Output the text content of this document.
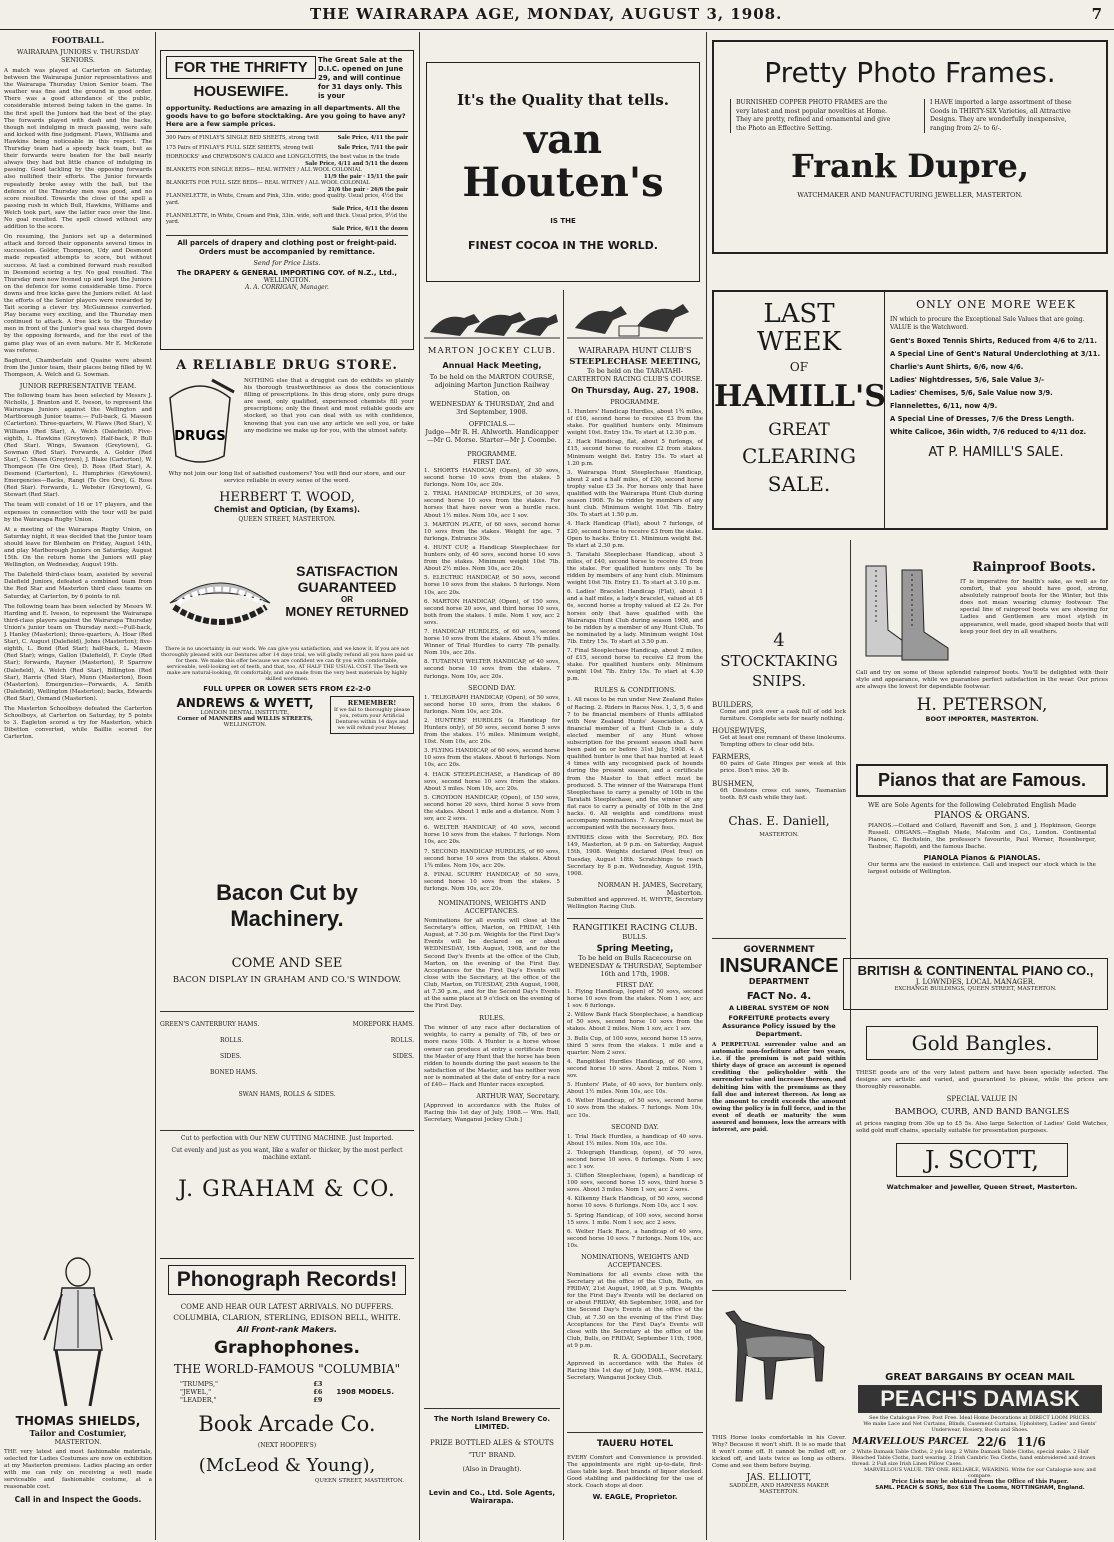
THE WAIRARAPA AGE, MONDAY, AUGUST 3, 1908.	7
FOOTBALL.
WAIRARAPA JUNIORS v. THURSDAY SENIORS.

A match was played at Carterton on Saturday, between the Wairarapa Junior representatives and the Wairarapa Thursday Union Senior team. The weather was fine and the ground in good order. There was a good attendance of the public, considerable interest being taken in the game. In the first spell the Juniors had the best of the play. The forwards played with dash and the backs, though not indulging in much passing, were safe and kicked with fine judgment. Flaws, Williams and Hawkins being noticeable in this respect. The Thursday team had a speedy back team, but as their forwards were beaten for the ball nearly always they had but little chance of indulging in passing. Good tackling by the opposing forwards also nullified their efforts. The Junior forwards repeatedly broke away with the ball, but the defence of the Thursday men was good, and no score resulted. Towards the close of the spell a passing rush in which Bull, Hawkins, Williams and Welch took part, saw the latter race over the line. No goal resulted. The spell closed without any addition to the score.

On resuming, the Juniors set up a determined attack and forced their opponents several times in succession. Golder, Thompson, Udy and Desmond made repeated attempts to score, but without success. At last a combined forward rush resulted in Desmond scoring a try. No goal resulted. The Thursday men now livened up and kept the Juniors on the defence for some considerable time. Force downs and free kicks gave the Juniors relief. At last the efforts of the Senior players were rewarded by Tait scoring a clever try. McGuinness converted. Play became very exciting, and the Thursday men continued to attack. A free kick to the Thursday men in front of the Junior's goal was charged down by the opposing forwards, and for the rest of the game play was of an even nature. Mr E. McKenzie was referee.

Baghurst, Chamberlain and Quaine were absent from the Junior team, their places being filled by W. Thompson, A. Welch and G. Sowman.

JUNIOR REPRESENTATIVE TEAM.

The following team has been selected by Messrs J. Nicholls, J. Branton and E. Iveson, to represent the Wairarapa Juniors against the Wellington and Martborough Junior teams:— Full-back, G. Masson (Carterton). Three-quarters, W. Flaws (Red Star), V. Williams (Red Star), A. Welch (Dalefield). Five-eighth, L. Hawkins (Greytown). Half-back, P. Bull (Red Star). Wings, Swanson (Greytown), G. Sowman (Red Star). Forwards, A. Golder (Red Star), C. Sheen (Greytown), J. Blake (Carterton), W. Thompson (Te Ore Ore), D. Ross (Red Star), A. Desmond (Carterton), L. Humphries (Greytown). Emergencies—Backs, Rangi (Te Ore Ore), G. Ross (Red Star). Forwards, L. Webster (Greytown), G. Stewart (Red Star).

The team will consist of 16 or 17 players, and the expenses in connection with the tour will be paid by the Wairarapa Rugby Union.

At a meeting of the Wairarapa Rugby Union, on Saturday night, it was decided that the Junior team should leave for Blenheim on Friday, August 14th, and play Marlborough Juniors on Saturday, August 15th. On the return home the Juniors will play Wellington, on Wednesday, August 19th.

The Dalefield third-class team, assisted by several Dalefield Juniors, defeated a combined team from the Red Star and Masterton third class teams on Saturday, at Carterton, by 6 points to nil.

The following team has been selected by Messrs W. Harding and E. Iveson, to represent the Wairarapa third-class players against the Wairarapa Thursday Union's junior team on Thursday next:—Full-back, J. Hanley (Masterton); three-quarters, A. Hoar (Red Star), C. August (Dalefield), Johns (Masterton); five-eighth, L. Bond (Red Star); half-back, L. Mason (Red Star); wings, Gallon (Dalefield), F. Coyle (Red Star); forwards, Rayner (Masterton), P. Sparrow (Dalefield), A. Welch (Red Star), Billington (Red Star), Harris (Red Star), Munn (Masterton), Boon (Masterton). Emergencies—Forwards, A. Smith (Dalefield), Wellington (Masterton); backs, Edwards (Red Star), Osmand (Masterton).

The Masterton Schoolboys defeated the Carterton Schoolboys, at Carterton on Saturday, by 5 points to 3. Eagleton scored a try for Masterton, which Dibetton converted, while Baillie scored for Carterton.

THOMAS SHIELDS,
Tailor and Costumier,
MASTERTON.

THE very latest and most fashionable materials, selected for Ladies Costumes are now on exhibition at my Masterton premises. Ladies placing an order with me can rely on receiving a well made serviceable and fashionable costume, at a reasonable cost.

Call in and Inspect the Goods.
FOR THE THRIFTY
HOUSEWIFE.
The Great Sale at the D.I.C. opened on June 29, and will continue for 31 days only. This is your
opportunity. Reductions are amazing in all departments. All the goods have to go before stocktaking. Are you going to have any? Here are a few sample prices.
300 Pairs of FINLAY'S SINGLE BED SHEETS, strong twill	Sale Price, 4/11 the pair
175 Pairs of FINLAY'S FULL SIZE SHEETS, strong twill	Sale Price, 7/11 the pair
HORROCKS' and CREWDSON'S CALICO and LONGCLOTHS, the best value in the trade

Sale Price, 4/11 and 5/11 the dozen
BLANKETS FOR SINGLE BEDS— REAL WITNEY / ALL WOOL COLONIAL

11/9 the pair · 15/11 the pair
BLANKETS FOR FULL SIZE BEDS— REAL WITNEY / ALL WOOL COLONIAL

21/6 the pair · 26/6 the pair
FLANNELETTE, in White, Cream and Pink, 33in. wide; good quality. Usual price, 4½d the yard.

Sale Price, 4/11 the dozen
FLANNELETTE, in White, Cream and Pink, 33in. wide, soft and thick. Usual price, 9½d the yard.

Sale Price, 6/11 the dozen
All parcels of drapery and clothing post or freight-paid. Orders must be accompanied by remittance.
Send for Price Lists.
The DRAPERY & GENERAL IMPORTING COY. of N.Z., Ltd.,
WELLINGTON.
A. A. CORRIGAN, Manager.
A RELIABLE DRUG STORE.
DRUGS
NOTHING else that a druggist can do exhibits so plainly his thorough trustworthiness as does the conscientious filling of prescriptions. In this drug store, only pure drugs are used, only qualified, experienced chemists fill your prescriptions; only the finest and most reliable goods are stocked, so that you can deal with us with confidence, knowing that you can use any article we sell you, or take any medicine we make up for you, with the utmost safety.
Why not join our long list of satisfied customers? You will find our store, and our service reliable in every sense of the word.
HERBERT T. WOOD,
Chemist and Optician, (by Exams).
QUEEN STREET, MASTERTON.
SATISFACTION
GUARANTEED
OR
MONEY RETURNED
There is no uncertainty in our work. We can give you satisfaction, and we know it. If you are not thoroughly pleased with our Dentures after 14 days trial, we will gladly refund all you have paid us for them. We make this offer because we are confident we can fit you with comfortable, serviceable, well-looking set of teeth, and that, too, AT HALF THE USUAL COST. The Teeth we make are natural-looking, fit comfortably, and are made from the very best materials by highly skilled workmen.
FULL UPPER OR LOWER SETS FROM £2-2-0
ANDREWS & WYETT,
LONDON DENTAL INSTITUTE,
Corner of MANNERS and WILLIS STREETS,
WELLINGTON.
REMEMBER!
If we fail to thoroughly please you, return your Artificial Dentures within 14 days and we will refund your Money.
Bacon Cut by Machinery.
COME AND SEE
BACON DISPLAY IN GRAHAM AND CO.'S WINDOW.
GREEN'S CANTERBURY HAMS.
ROLLS.
SIDES.
BONED HAMS.
MOREPORK HAMS.
ROLLS.
SIDES.
SWAN HAMS, ROLLS & SIDES.
Cut to perfection with Our NEW CUTTING MACHINE. Just Imported.
Cut evenly and just as you want, like a wafer or thicker, by the most perfect machine extant.
J. GRAHAM & CO.
Phonograph Records!
COME AND HEAR OUR LATEST ARRIVALS. NO DUFFERS.
COLUMBIA, CLARION, STERLING, EDISON BELL, WHITE.
All Front-rank Makers.
Graphophones.
THE WORLD-FAMOUS "COLUMBIA"
"TRUMPS,"	£3
"JEWEL,"	£6
"LEADER,"	£9
1908 MODELS.
Book Arcade Co.
(NEXT HOOPER'S)
(McLeod & Young),
QUEEN STREET, MASTERTON.
It's the Quality that tells.
van
Houten's
IS THE
FINEST COCOA IN THE WORLD.
MARTON JOCKEY CLUB.
Annual Hack Meeting,
To be held on the MARTON COURSE, adjoining Marton Junction Railway Station, on
WEDNESDAY & THURSDAY, 2nd and 3rd September, 1908.
OFFICIALS.—
Judge—Mr R. H. Ahlworth. Handicapper—Mr G. Morse. Starter—Mr J. Coombe.
PROGRAMME.
FIRST DAY.
1. SHORTS HANDICAP, (Open), of 30 sovs, second horse 10 sovs from the stakes. 5 furlongs. Nom 10s, acc 20s.
2. TRIAL HANDICAP HURDLES, of 30 sovs, second horse 10 sovs from the stakes. For horses that have never won a hurdle race. About 1½ miles. Nom 10s, acc 1 sov.
3. MARTON PLATE, of 60 sovs, second horse 10 sovs from the stakes. Weight for age. 7 furlongs. Entrance 30s.
4. HUNT CUP, a Handicap Steeplechase for hunters only, of 40 sovs, second horse 10 sovs from the stakes. Minimum weight 10st 7lb. About 2½ miles. Nom 10s, acc 20s.
5. ELECTRIC HANDICAP, of 50 sovs, second horse 10 sovs from the stakes. 5 furlongs. Nom 10s, acc 20s.
6. MARTON HANDICAP, (Open), of 150 sovs, second horse 20 sovs, and third horse 10 sovs, both from the stakes. 1 mile. Nom 1 sov, acc 2 sovs.
7. HANDICAP HURDLES, of 60 sovs, second horse 10 sovs from the stakes. About 1¾ miles. Winner of Trial Hurdles to carry 7lb penalty. Nom 10s, acc 20s.
8. TUTAENUI WELTER HANDICAP, of 40 sovs, second horse 10 sovs from the stakes. 7 furlongs. Nom 10s, acc 20s.
SECOND DAY.
1. TELEGRAPH HANDICAP, (Open), of 50 sovs, second horse 10 sovs, from the stakes. 6 furlongs. Nom 10s, acc 20s.
2. HUNTERS' HURDLES (a Handicap for Hunters only), of 50 sovs, second horse 5 sovs from the stakes. 1½ miles. Minimum weight, 10st. Nom 10s, acc 20s.
3. FLYING HANDICAP, of 60 sovs, second horse 10 sovs from the stakes. About 6 furlongs. Nom 10s, acc 20s.
4. HACK STEEPLECHASE, a Handicap of 80 sovs, second horse 10 sovs from the stakes. About 3 miles. Nom 10s, acc 20s.
5. CROYDON HANDICAP, (Open), of 150 sovs, second horse 20 sovs, third horse 5 sovs from the stakes. About 1 mile and a distance. Nom 1 sov, acc 2 sovs.
6. WELTER HANDICAP, of 40 sovs, second horse 10 sovs from the stakes. 7 furlongs. Nom 10s, acc 20s.
7. SECOND HANDICAP HURDLES, of 60 sovs, second horse 10 sovs from the stakes. About 1¾ miles. Nom 10s, acc 20s.
8. FINAL SCURRY HANDICAP, of 50 sovs, second horse 10 sovs from the stakes. 5 furlongs. Nom 10s, acc 20s.
NOMINATIONS, WEIGHTS AND ACCEPTANCES.

Nominations for all events will close at the Secretary's office, Marton, on FRIDAY, 14th August, at 7.30 p.m. Weights for the First Day's Events will be declared on or about WEDNESDAY, 19th August, 1908, and for the Second Day's Events at the office of the Club, Marton, on the evening of the First Day. Acceptances for the First Day's Events will close with the Secretary, at the office of the Club, Marton, on TUESDAY, 25th August, 1908, at 7.30 p.m., and for the Second Day's Events at the same place at 9 o'clock on the evening of the First Day.

RULES.

The winner of any race after declaration of weights, to carry a penalty of 7lb, of two or more races 10lb. A Hunter is a horse whose owner can produce at entry a certificate from the Master of any Hunt that the horse has been ridden to hounds during the past season to the satisfaction of the Master, and has neither won nor is nominated at the date of entry for a race of £40— Hack and Hunter races excepted.

ARTHUR WAY, Secretary.

[Approved in accordance with the Rules of Racing this 1st day of July, 1908.— Wm. Hall, Secretary, Wanganui Jockey Club.]

The North Island Brewery Co. LIMITED.
PRIZE BOTTLED ALES & STOUTS
"TUI" BRAND.
(Also in Draught).
Levin and Co., Ltd. Sole Agents, Wairarapa.
WAIRARAPA HUNT CLUB'S
STEEPLECHASE MEETING,
To be held on the TARATAHI-CARTERTON RACING CLUB'S COURSE.
On Thursday, Aug. 27, 1908.
PROGRAMME.
1. Hunters' Handicap Hurdles, about 1¾ miles, of £16, second horse to receive £3 from the stake. For qualified hunters only. Minimum weight 10st. Entry 15s. To start at 12.30 p.m.
2. Hack Handicap, flat, about 5 furlongs, of £15, second horse to receive £2 from stakes. Minimum weight 8st. Entry 15s. To start at 1.20 p.m.
3. Wairarapa Hunt Steeplechase Handicap, about 2 and a half miles, of £30, second horse trophy value £3 3s. For horses only that have qualified with the Wairarapa Hunt Club during season 1908. To be ridden by members of any hunt club. Minimum weight 10st 7lb. Entry 30s. To start at 1.50 p.m.
4. Hack Handicap (Flat), about 7 furlongs, of £20, second horse to receive £3 from the stake. Open to hacks. Entry £1. Minimum weight 8st. To start at 2.30 p.m.
5. Taratahi Steeplechase Handicap, about 3 miles, of £40, second horse to receive £5 from the stake. For qualified hunters only. To be ridden by members of any hunt club. Minimum weight 10st 7lb. Entry £1. To start at 3.10 p.m.
6. Ladies' Bracelet Handicap (Flat), about 1 and a half miles, a lady's bracelet, valued at £6 6s, second horse a trophy valued at £2 2s. For horses only that have qualified with the Wairarapa Hunt Club during season 1908, and to be ridden by a member of any Hunt Club. To be nominated by a lady. Minimum weight 10st 7lb. Entry 15s. To start at 3.50 p.m.
7. Final Steeplechase Handicap, about 2 miles, of £15, second horse to receive £2 from the stake. For qualified hunters only. Minimum weight 10st 7lb. Entry 15s. To start at 4.30 p.m.
RULES & CONDITIONS.

1. All races to be run under New Zealand Rules of Racing. 2. Riders in Races Nos. 1, 3, 5, 6 and 7 to be financial members of Hunts affiliated with New Zealand Hunts' Association. 3. A financial member of a Hunt Club is a duly elected member of any Hunt whose subscription for the present season shall have been paid on or before 31st July, 1908. 4. A qualified hunter is one that has hunted at least 4 times with any recognised pack of hounds during the present season, and a certificate from the Master to that effect must be produced. 5. The winner of the Wairarapa Hunt Steeplechase to carry a penalty of 10lb in the Taratahi Steeplechase, and the winner of any flat race to carry a penalty of 10lb in the 2nd hacks. 6. All weights and conditions must accompany nominations. 7. Acceptors must be accompanied with the necessary fees.

ENTRIES close with the Secretary, P.O. Box 149, Masterton, at 9 p.m. on Saturday, August 15th, 1908. Weights declared (Post free) on Tuesday, August 18th. Scratchings to reach Secretary by 8 p.m. Wednesday, August 19th, 1908.

NORMAN H. JAMES, Secretary, Masterton.

Submitted and approved. H. WHYTE, Secretary Wellington Racing Club.

RANGITIKEI RACING CLUB.
BULLS.
Spring Meeting,
To be held on Bulls Racecourse on
WEDNESDAY & THURSDAY, September 16th and 17th, 1908.
FIRST DAY.
1. Flying Handicap, (open) of 50 sovs, second horse 10 sovs from the stakes. Nom 1 sov, acc 1 sov. 6 furlongs.
2. Willow Bank Hack Steeplechase, a handicap of 50 sovs, second horse 10 sovs from the stakes. About 2 miles. Nom 1 sov, acc 1 sov.
3. Bulls Cup, of 100 sovs, second horse 15 sovs, third 5 sovs from the stakes. 1 mile and a quarter. Nom 2 sovs.
4. Rangitikei Hurdles Handicap, of 60 sovs, second horse 10 sovs. About 2 miles. Nom 1 sov.
5. Hunters' Plate, of 40 sovs, for hunters only. About 1½ miles. Nom 10s, acc 10s.
6. Welter Handicap, of 50 sovs, second horse 10 sovs from the stakes. 7 furlongs. Nom 10s, acc 10s.
SECOND DAY.
1. Trial Hack Hurdles, a handicap of 40 sovs. About 1½ miles. Nom 10s, acc 10s.
2. Telegraph Handicap, (open), of 70 sovs, second horse 10 sovs. 6 furlongs. Nom 1 sov, acc 1 sov.
3. Clifton Steeplechase, (open), a handicap of 100 sovs, second horse 15 sovs, third horse 5 sovs. About 3 miles. Nom 1 sov, acc 2 sovs.
4. Kilkenny Hack Handicap, of 50 sovs, second horse 10 sovs. 6 furlongs. Nom 10s, acc 1 sov.
5. Spring Handicap, of 100 sovs, second horse 15 sovs. 1 mile. Nom 1 sov, acc 2 sovs.
6. Welter Hack Race, a handicap of 40 sovs, second horse 10 sovs. 7 furlongs. Nom 10s, acc 10s.
NOMINATIONS, WEIGHTS AND ACCEPTANCES.

Nominations for all events close with the Secretary at the office of the Club, Bulls, on FRIDAY, 21st August, 1908, at 9 p.m. Weights for the First Day's Events will be declared on or about FRIDAY, 4th September, 1908, and for the Second Day's Events at the office of the Club, at 7.30 on the evening of the First Day. Acceptances for the First Day's Events will close with the Secretary at the office of the Club, Bulls, on FRIDAY, September 11th, 1908, at 9 p.m.

R. A. GOODALL, Secretary.

Approved in accordance with the Rules of Racing this 1st day of July, 1908.—WM. HALL, Secretary, Wanganui Jockey Club.

TAUERU HOTEL

EVERY Comfort and Convenience is provided. The appointments are right up-to-date, first-class table kept. Best brands of liquor stocked. Good stabling and paddocking for the use of stock. Coach stops at door.

W. EAGLE, Proprietor.
Pretty Photo Frames.
BURNISHED COPPER PHOTO FRAMES are the very latest and most popular novelties at Home. They are pretty, refined and ornamental and give the Photo an Effective Setting.
I HAVE imported a large assortment of these Goods in THIRTY-SIX Varieties, all Attractive Designs. They are wonderfully inexpensive, ranging from 2/- to 6/-.
Frank Dupre,
WATCHMAKER AND MANUFACTURING JEWELLER, MASTERTON.
LAST
WEEK
OF
HAMILL'S
GREAT
CLEARING
SALE.
ONLY ONE MORE WEEK
IN which to procure the Exceptional Sale Values that are going. VALUE is the Watchword.
Gent's Boxed Tennis Shirts, Reduced from 4/6 to 2/11.
A Special Line of Gent's Natural Underclothing at 3/11.
Charlie's Aunt Shirts, 6/6, now 4/6.
Ladies' Nightdresses, 5/6, Sale Value 3/-
Ladies' Chemises, 5/6, Sale Value now 3/9.
Flannelettes, 6/11, now 4/9.
A Special Line of Dresses, 7/6 the Dress Length.
White Calicoe, 36in width, 7/6 reduced to 4/11 doz.
AT P. HAMILL'S SALE.
4
STOCKTAKING SNIPS.
BUILDERS,
Come and pick over a cask full of odd lock furniture. Complete sets for nearly nothing.
HOUSEWIVES,
Get at least one remnant of these linoleums. Tempting offers to clear odd bits.
FARMERS,
60 pairs of Gate Hinges per week at this price. Don't miss. 3/6 lb.
BUSHMEN,
6ft Diestons cross cut saws, Tasmanian tooth. 8/9 cash while they last.
Chas. E. Daniell,
MASTERTON.
GOVERNMENT
INSURANCE
DEPARTMENT
FACT No. 4.
A LIBERAL SYSTEM OF NON
FORFEITURE protects every Assurance Policy issued by the Department.

A PERPETUAL surrender value and an automatic non-forfeiture after two years, i.e. if the premium is not paid within thirty days of grace an account is opened crediting the policyholder with the surrender value and increase thereon, and debiting him with the premiums as they fall due and interest thereon. As long as the amount to credit exceeds the amount owing the policy is in full force, and in the event of death or maturity the sum assured and bonuses, less the arrears with interest, are paid.

THIS Horse looks comfortable in his Cover. Why? Because it won't shift. It is so made that it won't come off. It cannot be rolled off, or kicked off, and lasts twice as long as others. Come and see them before buying.

JAS. ELLIOTT,
SADDLER, AND HARNESS MAKER
MASTERTON.
Rainproof Boots.

IT is imperative for health's sake, as well as for comfort, that you should have good, strong, absolutely rainproof boots for the Winter, but this does not mean wearing clumsy footwear. The special line of rainproof boots we are showing for Ladies and Gentlemen are most stylish in appearance, well made, good shaped boots that will keep your feet dry in all weathers.

Call and try on some of these splendid rainproof boots. You'll be delighted with their style and appearance, while we guarantee perfect satisfaction in the wear. Our prices are always the lowest for dependable footwear.

H. PETERSON,
BOOT IMPORTER, MASTERTON.
Pianos that are Famous.
WE are Sole Agents for the following Celebrated English Made
PIANOS & ORGANS.

PIANOS.—Collard and Collard, Raveniff and Son, J. and J. Hopkinson, George Russell. ORGANS.—English Made, Malcolm and Co., London. Continental Pianos, C. Bechstein, the professor's favourite, Paul Werner, Rosenberger, Taubner, Rapoldi, and the famous Ibache.

PIANOLA Pianos & PIANOLAS.

Our terms are the easiest in existence. Call and inspect our stock which is the largest outside of Wellington.

BRITISH & CONTINENTAL PIANO CO.,
J. LOWNDES, LOCAL MANAGER.
EXCHANGE BUILDINGS, QUEEN STREET, MASTERTON.
Gold Bangles.

THESE goods are of the very latest pattern and have been specially selected. The designs are artistic and varied, and guaranteed to please, while the prices are thoroughly reasonable.

SPECIAL VALUE IN
BAMBOO, CURB, AND BAND BANGLES

at prices ranging from 30s up to £5 5s. Also large Selection of Ladies' Gold Watches, solid gold muff chains, specially suitable for presentation purposes.

J. SCOTT,
Watchmaker and Jeweller, Queen Street, Masterton.
GREAT BARGAINS BY OCEAN MAIL
PEACH'S DAMASK
See the Catalogue Free. Post Free. Ideal Home Decorations at DIRECT LOOM PRICES.
We make Lace and Net Curtains, Blinds, Casement Curtains, Upholstery, Ladies' and Gents' Underwear, Hosiery, Boots and Shoes.
MARVELLOUS PARCEL 22/6 11/6
2 White Damask Table Cloths, 2 yds long. 2 White Damask Table Cloths, special make. 2 Half Bleached Table Cloths, hard wearing. 2 Irish Cambric Tea Cloths, hand embroidered and drawn thread. 2 Full size Irish Linen Pillow Cases.
MARVELLOUS VALUE. TRY ONE. RELIABLE, WEARING. Write for our Catalogue now, and compare.
Price Lists may be obtained from the Office of this Paper.
SAML. PEACH & SONS, Box 618 The Looms, NOTTINGHAM, England.
